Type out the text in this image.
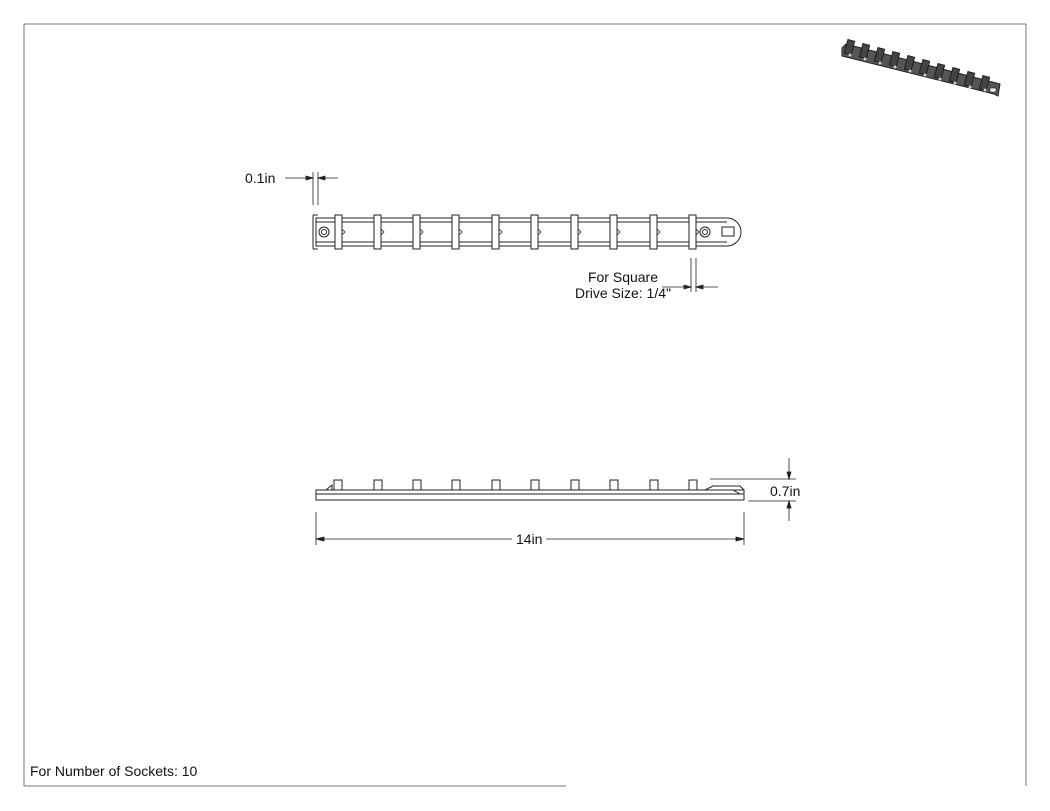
0.1in
For Square
Drive Size: 1/4"
0.7in
14in
For Number of Sockets: 10
